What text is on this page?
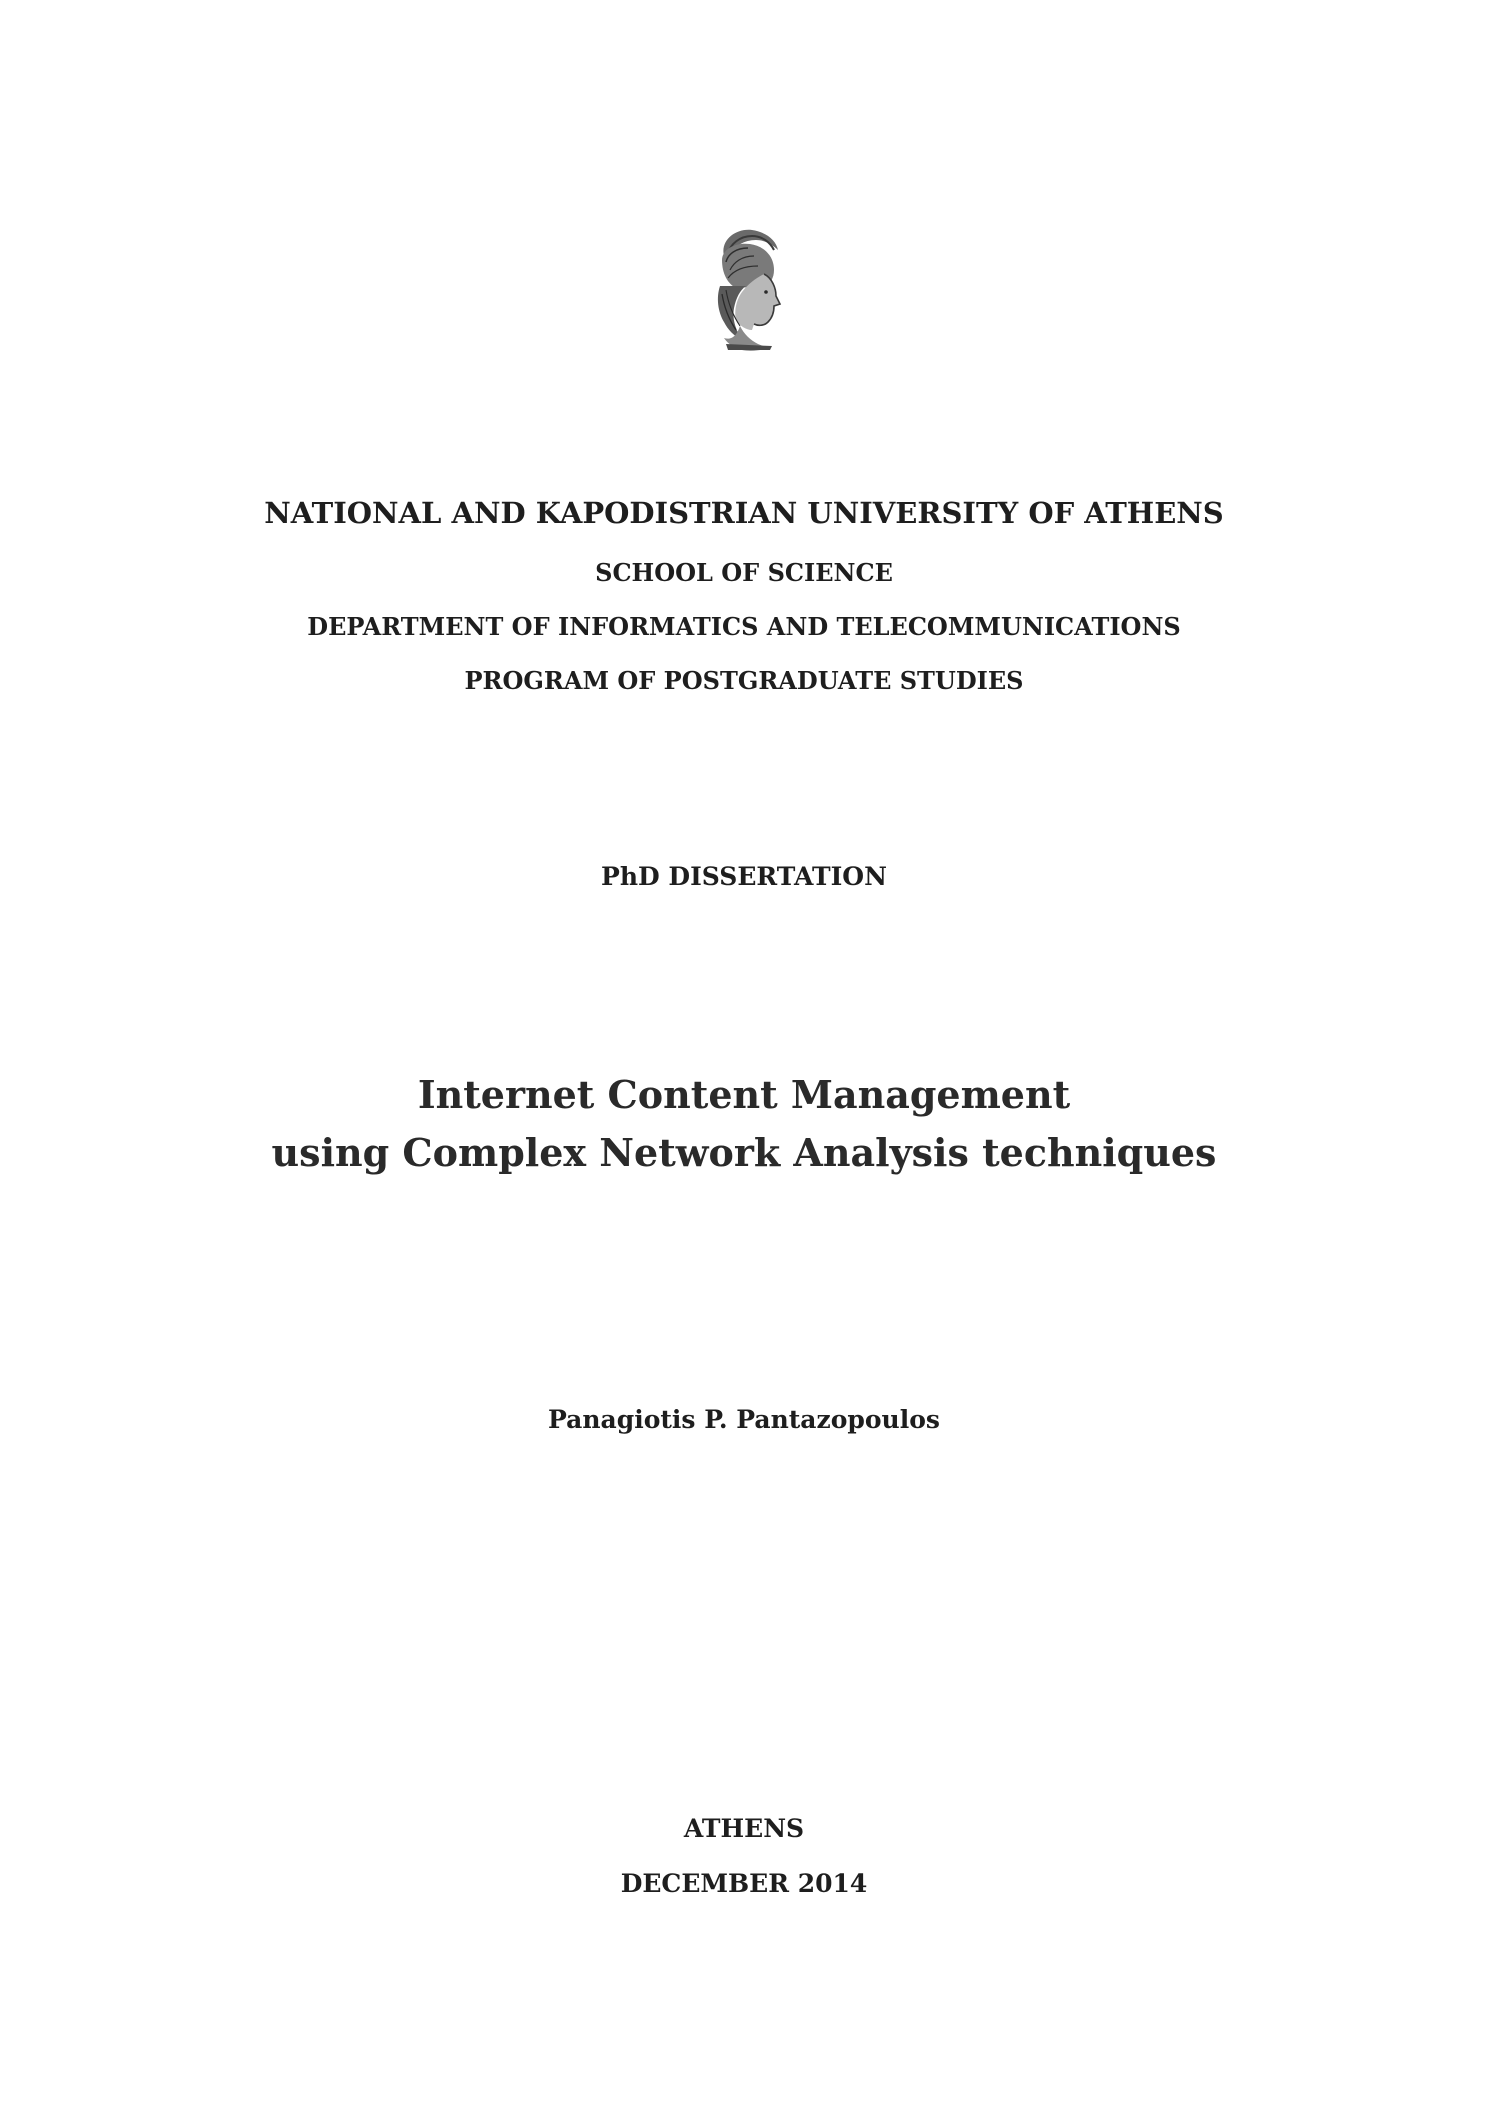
NATIONAL AND KAPODISTRIAN UNIVERSITY OF ATHENS
SCHOOL OF SCIENCE
DEPARTMENT OF INFORMATICS AND TELECOMMUNICATIONS
PROGRAM OF POSTGRADUATE STUDIES
PhD DISSERTATION
Internet Content Management
using Complex Network Analysis techniques
Panagiotis P. Pantazopoulos
ATHENS
DECEMBER 2014
